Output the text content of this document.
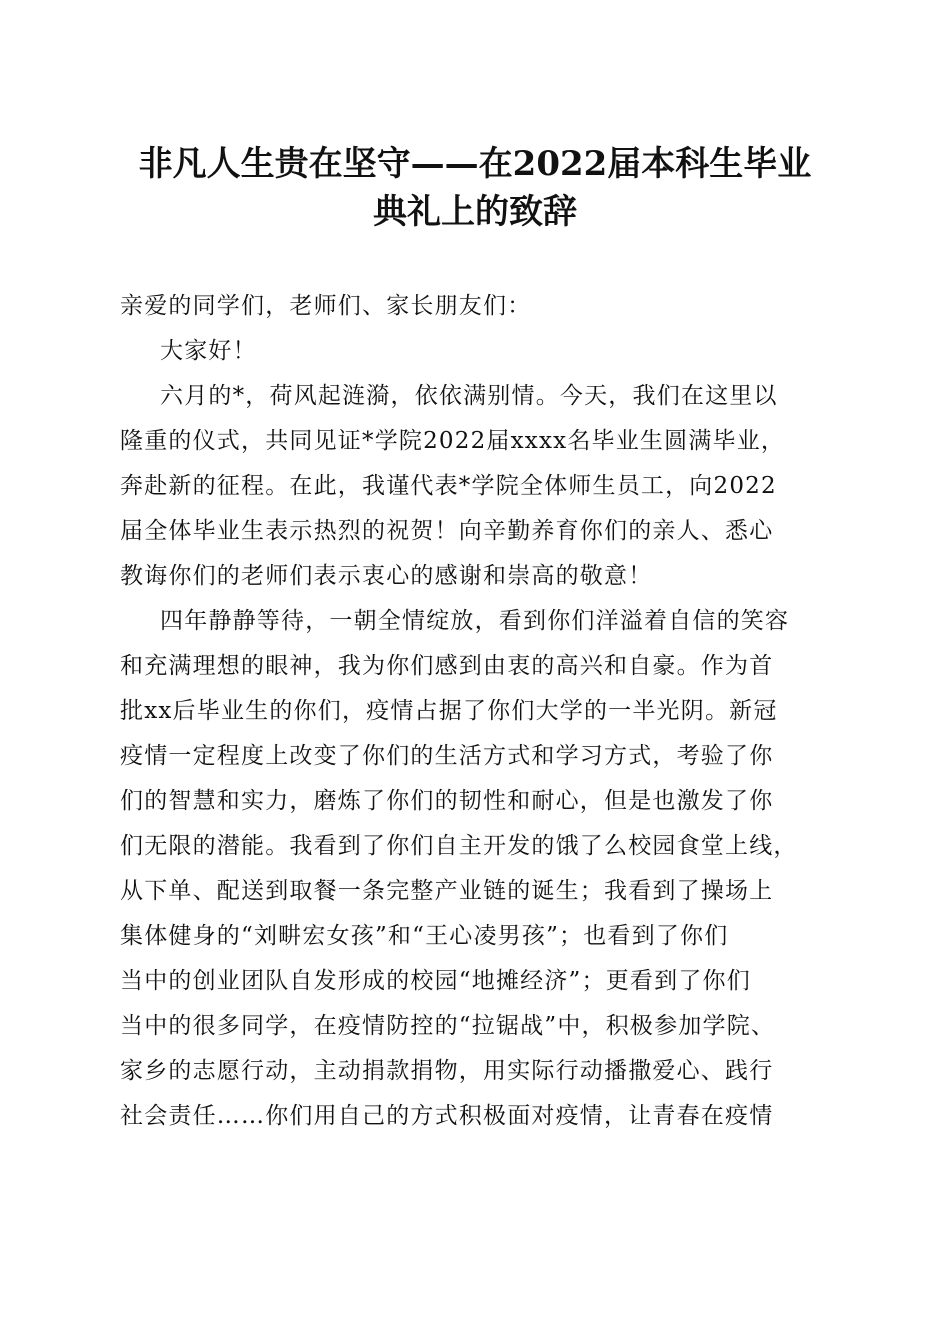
非凡人生贵在坚守——在2022届本科生毕业
典礼上的致辞
亲爱的同学们，老师们、家长朋友们：
大家好！
六月的*，荷风起涟漪，依依满别情。今天，我们在这里以
隆重的仪式，共同见证*学院2022届xxxx名毕业生圆满毕业，
奔赴新的征程。在此，我谨代表*学院全体师生员工，向2022
届全体毕业生表示热烈的祝贺！向辛勤养育你们的亲人、悉心
教诲你们的老师们表示衷心的感谢和崇高的敬意！
四年静静等待，一朝全情绽放，看到你们洋溢着自信的笑容
和充满理想的眼神，我为你们感到由衷的高兴和自豪。作为首
批xx后毕业生的你们，疫情占据了你们大学的一半光阴。新冠
疫情一定程度上改变了你们的生活方式和学习方式，考验了你
们的智慧和实力，磨炼了你们的韧性和耐心，但是也激发了你
们无限的潜能。我看到了你们自主开发的饿了么校园食堂上线，
从下单、配送到取餐一条完整产业链的诞生；我看到了操场上
集体健身的“刘畊宏女孩”和“王心凌男孩”；也看到了你们
当中的创业团队自发形成的校园“地摊经济”；更看到了你们
当中的很多同学，在疫情防控的“拉锯战”中，积极参加学院、
家乡的志愿行动，主动捐款捐物，用实际行动播撒爱心、践行
社会责任……你们用自己的方式积极面对疫情，让青春在疫情
